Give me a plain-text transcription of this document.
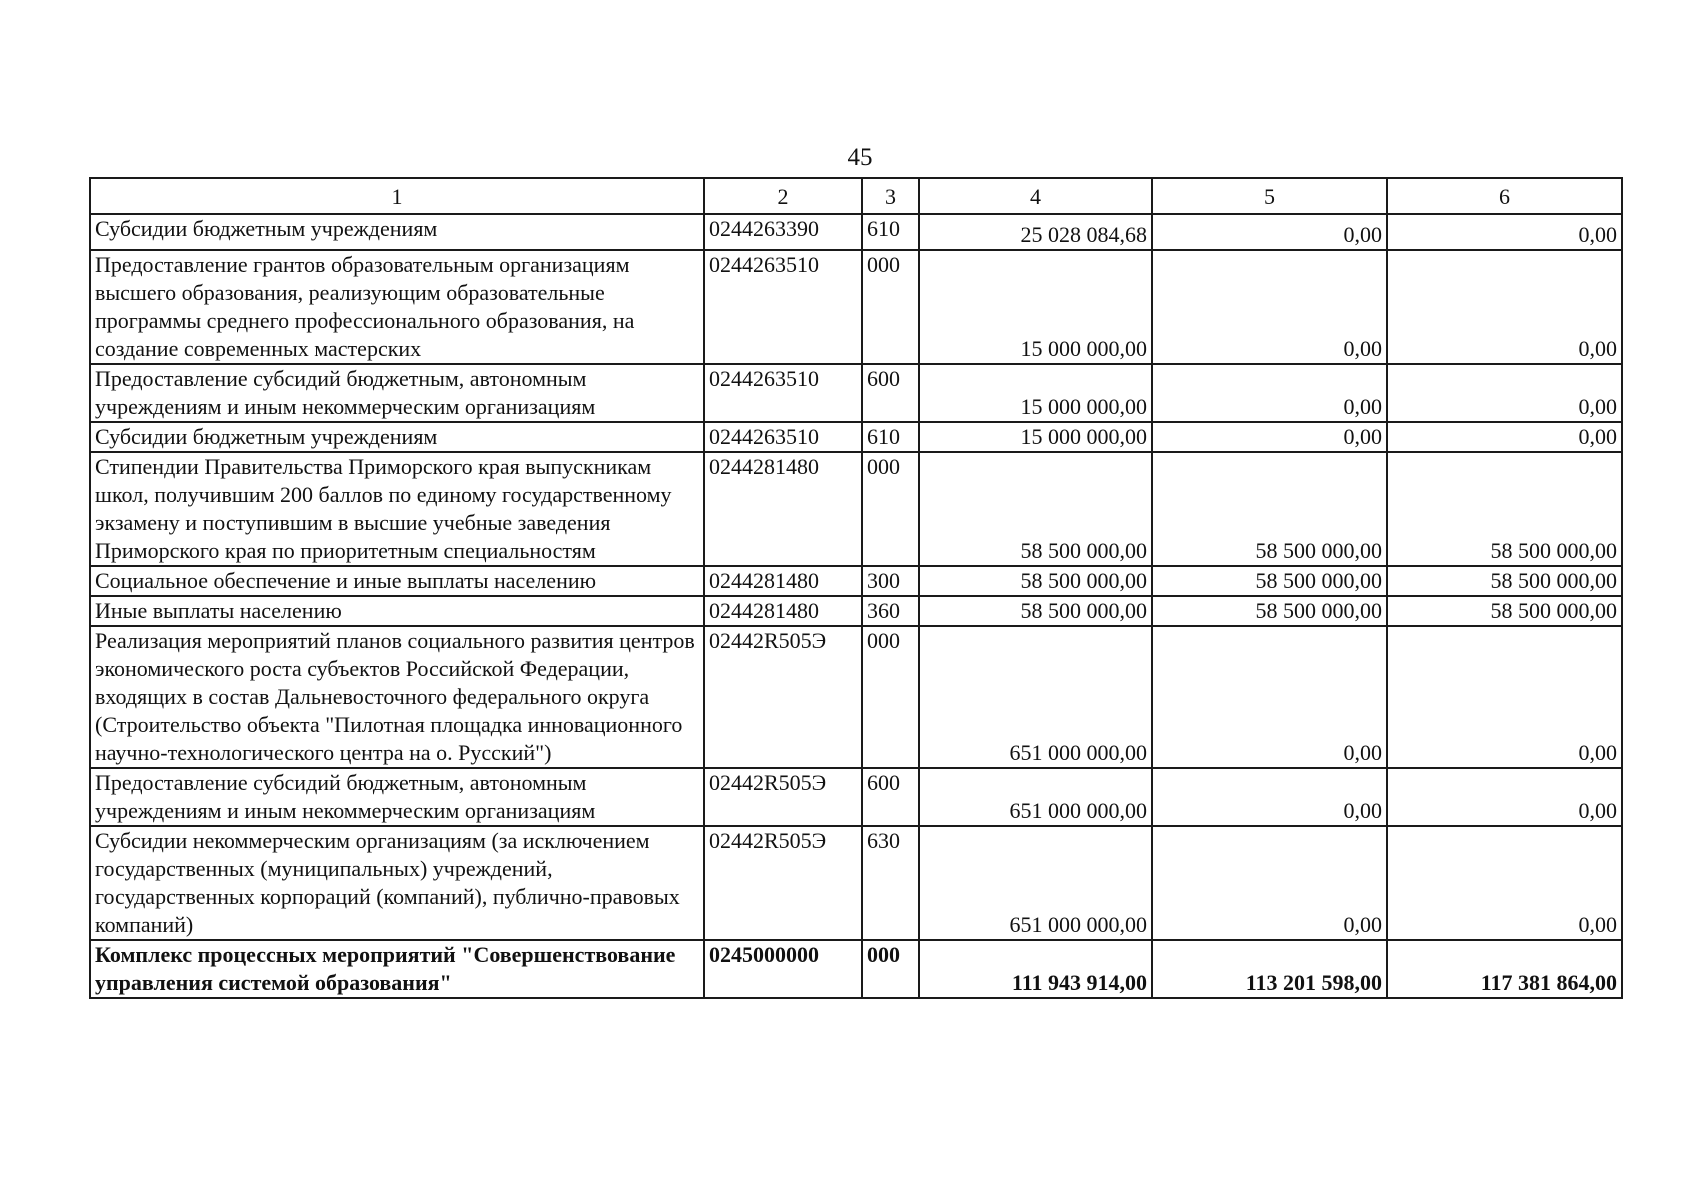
45
1	2	3	4	5	6
Субсидии бюджетным учреждениям	0244263390	610	25 028 084,68	0,00	0,00
Предоставление грантов образовательным организациям высшего образования, реализующим образовательные программы среднего профессионального образования, на создание современных мастерских	0244263510	000	15 000 000,00	0,00	0,00
Предоставление субсидий бюджетным, автономным учреждениям и иным некоммерческим организациям	0244263510	600	15 000 000,00	0,00	0,00
Субсидии бюджетным учреждениям	0244263510	610	15 000 000,00	0,00	0,00
Стипендии Правительства Приморского края выпускникам школ, получившим 200 баллов по единому государственному экзамену и поступившим в высшие учебные заведения Приморского края по приоритетным специальностям	0244281480	000	58 500 000,00	58 500 000,00	58 500 000,00
Социальное обеспечение и иные выплаты населению	0244281480	300	58 500 000,00	58 500 000,00	58 500 000,00
Иные выплаты населению	0244281480	360	58 500 000,00	58 500 000,00	58 500 000,00
Реализация мероприятий планов социального развития центров экономического роста субъектов Российской Федерации, входящих в состав Дальневосточного федерального округа (Строительство объекта "Пилотная площадка инновационного научно-технологического центра на о. Русский")	02442R505Э	000	651 000 000,00	0,00	0,00
Предоставление субсидий бюджетным, автономным учреждениям и иным некоммерческим организациям	02442R505Э	600	651 000 000,00	0,00	0,00
Субсидии некоммерческим организациям (за исключением государственных (муниципальных) учреждений, государственных корпораций (компаний), публично-правовых компаний)	02442R505Э	630	651 000 000,00	0,00	0,00
Комплекс процессных мероприятий "Совершенствование управления системой образования"	0245000000	000	111 943 914,00	113 201 598,00	117 381 864,00
